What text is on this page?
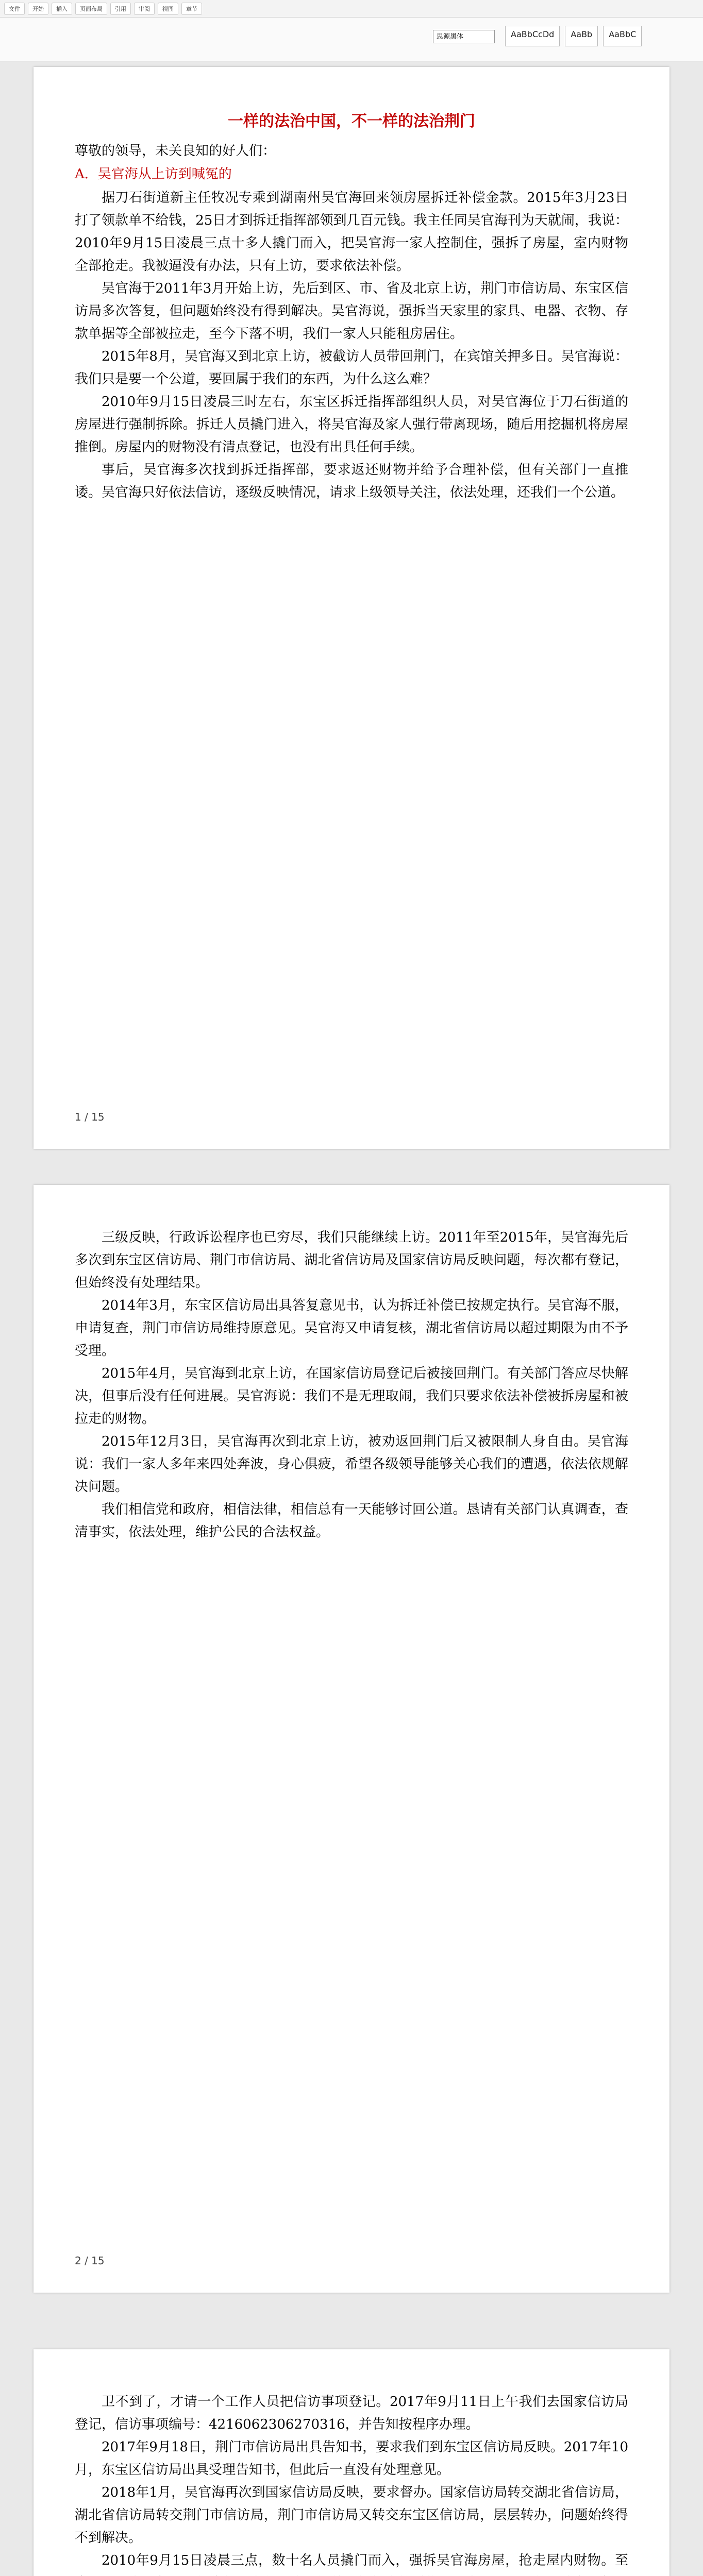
文件	开始	插入	页面布局	引用	审阅	视图	章节
思源黑体	AaBbCcDd	AaBb	AaBbC
一样的法治中国，不一样的法治荆门

尊敬的领导，未关良知的好人们：

A．吴官海从上访到喊冤的

据刀石街道新主任牧况专乘到湖南州吴官海回来领房屋拆迁补偿金款。2015年3月23日打了领款单不给钱，25日才到拆迁指挥部领到几百元钱。我主任同吴官海刊为天就闹，我说：2010年9月15日凌晨三点十多人撬门而入，把吴官海一家人控制住，强拆了房屋，室内财物全部抢走。我被逼没有办法，只有上访，要求依法补偿。

吴官海于2011年3月开始上访，先后到区、市、省及北京上访，荆门市信访局、东宝区信访局多次答复，但问题始终没有得到解决。吴官海说，强拆当天家里的家具、电器、衣物、存款单据等全部被拉走，至今下落不明，我们一家人只能租房居住。

2015年8月，吴官海又到北京上访，被截访人员带回荆门，在宾馆关押多日。吴官海说：我们只是要一个公道，要回属于我们的东西，为什么这么难？

2010年9月15日凌晨三时左右，东宝区拆迁指挥部组织人员，对吴官海位于刀石街道的房屋进行强制拆除。拆迁人员撬门进入，将吴官海及家人强行带离现场，随后用挖掘机将房屋推倒。房屋内的财物没有清点登记，也没有出具任何手续。

事后，吴官海多次找到拆迁指挥部，要求返还财物并给予合理补偿，但有关部门一直推诿。吴官海只好依法信访，逐级反映情况，请求上级领导关注，依法处理，还我们一个公道。

1 / 15

三级反映，行政诉讼程序也已穷尽，我们只能继续上访。2011年至2015年，吴官海先后多次到东宝区信访局、荆门市信访局、湖北省信访局及国家信访局反映问题，每次都有登记，但始终没有处理结果。

2014年3月，东宝区信访局出具答复意见书，认为拆迁补偿已按规定执行。吴官海不服，申请复查，荆门市信访局维持原意见。吴官海又申请复核，湖北省信访局以超过期限为由不予受理。

2015年4月，吴官海到北京上访，在国家信访局登记后被接回荆门。有关部门答应尽快解决，但事后没有任何进展。吴官海说：我们不是无理取闹，我们只要求依法补偿被拆房屋和被拉走的财物。

2015年12月3日，吴官海再次到北京上访，被劝返回荆门后又被限制人身自由。吴官海说：我们一家人多年来四处奔波，身心俱疲，希望各级领导能够关心我们的遭遇，依法依规解决问题。

我们相信党和政府，相信法律，相信总有一天能够讨回公道。恳请有关部门认真调查，查清事实，依法处理，维护公民的合法权益。

2 / 15

卫不到了，才请一个工作人员把信访事项登记。2017年9月11日上午我们去国家信访局登记，信访事项编号：4216062306270316，并告知按程序办理。

2017年9月18日，荆门市信访局出具告知书，要求我们到东宝区信访局反映。2017年10月，东宝区信访局出具受理告知书，但此后一直没有处理意见。

2018年1月，吴官海再次到国家信访局反映，要求督办。国家信访局转交湖北省信访局，湖北省信访局转交荆门市信访局，荆门市信访局又转交东宝区信访局，层层转办，问题始终得不到解决。

2010年9月15日凌晨三点，数十名人员撬门而入，强拆吴官海房屋，抢走屋内财物。至
